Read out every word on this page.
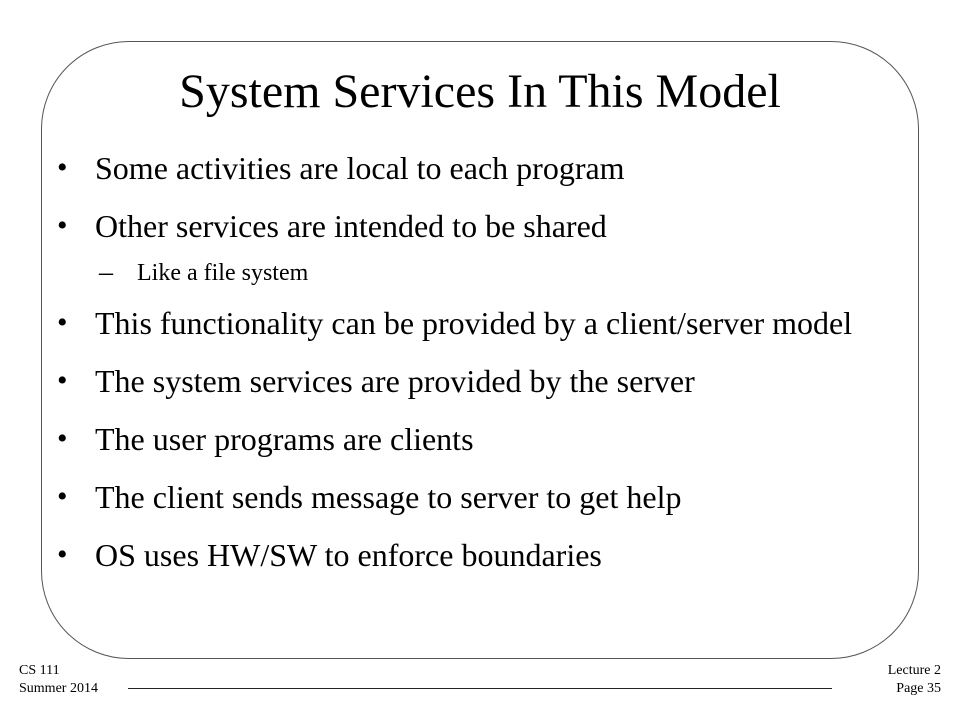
System Services In This Model
• Some activities are local to each program
• Other services are intended to be shared
– Like a file system
• This functionality can be provided by a client/server model
• The system services are provided by the server
• The user programs are clients
• The client sends message to server to get help
• OS uses HW/SW to enforce boundaries
CS 111
Summer 2014
Lecture 2
Page 35
